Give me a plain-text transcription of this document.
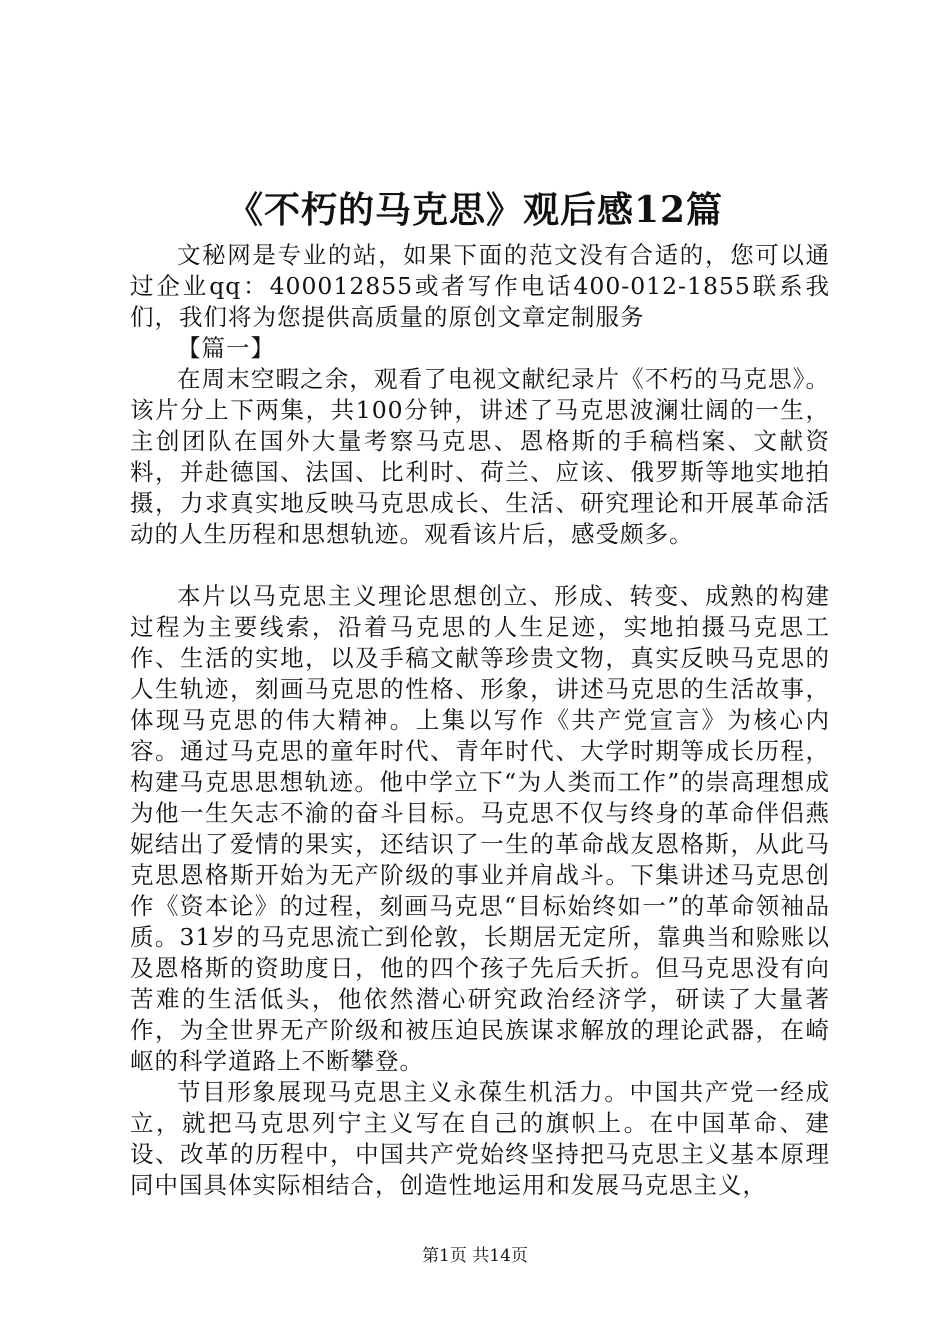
《不朽的马克思》观后感12篇

文秘网是专业的站，如果下面的范文没有合适的，您可以通过企业qq：400012855或者写作电话400-012-1855联系我们，我们将为您提供高质量的原创文章定制服务

【篇一】

在周末空暇之余，观看了电视文献纪录片《不朽的马克思》。该片分上下两集，共100分钟，讲述了马克思波澜壮阔的一生，主创团队在国外大量考察马克思、恩格斯的手稿档案、文献资料，并赴德国、法国、比利时、荷兰、应该、俄罗斯等地实地拍摄，力求真实地反映马克思成长、生活、研究理论和开展革命活动的人生历程和思想轨迹。观看该片后，感受颇多。

本片以马克思主义理论思想创立、形成、转变、成熟的构建过程为主要线索，沿着马克思的人生足迹，实地拍摄马克思工作、生活的实地，以及手稿文献等珍贵文物，真实反映马克思的人生轨迹，刻画马克思的性格、形象，讲述马克思的生活故事，体现马克思的伟大精神。上集以写作《共产党宣言》为核心内容。通过马克思的童年时代、青年时代、大学时期等成长历程，构建马克思思想轨迹。他中学立下“为人类而工作”的崇高理想成为他一生矢志不渝的奋斗目标。马克思不仅与终身的革命伴侣燕妮结出了爱情的果实，还结识了一生的革命战友恩格斯，从此马克思恩格斯开始为无产阶级的事业并肩战斗。下集讲述马克思创作《资本论》的过程，刻画马克思“目标始终如一”的革命领袖品质。31岁的马克思流亡到伦敦，长期居无定所，靠典当和赊账以及恩格斯的资助度日，他的四个孩子先后夭折。但马克思没有向苦难的生活低头，他依然潜心研究政治经济学，研读了大量著作，为全世界无产阶级和被压迫民族谋求解放的理论武器，在崎岖的科学道路上不断攀登。

节目形象展现马克思主义永葆生机活力。中国共产党一经成立，就把马克思列宁主义写在自己的旗帜上。在中国革命、建设、改革的历程中，中国共产党始终坚持把马克思主义基本原理同中国具体实际相结合，创造性地运用和发展马克思主义，

第1页 共14页
